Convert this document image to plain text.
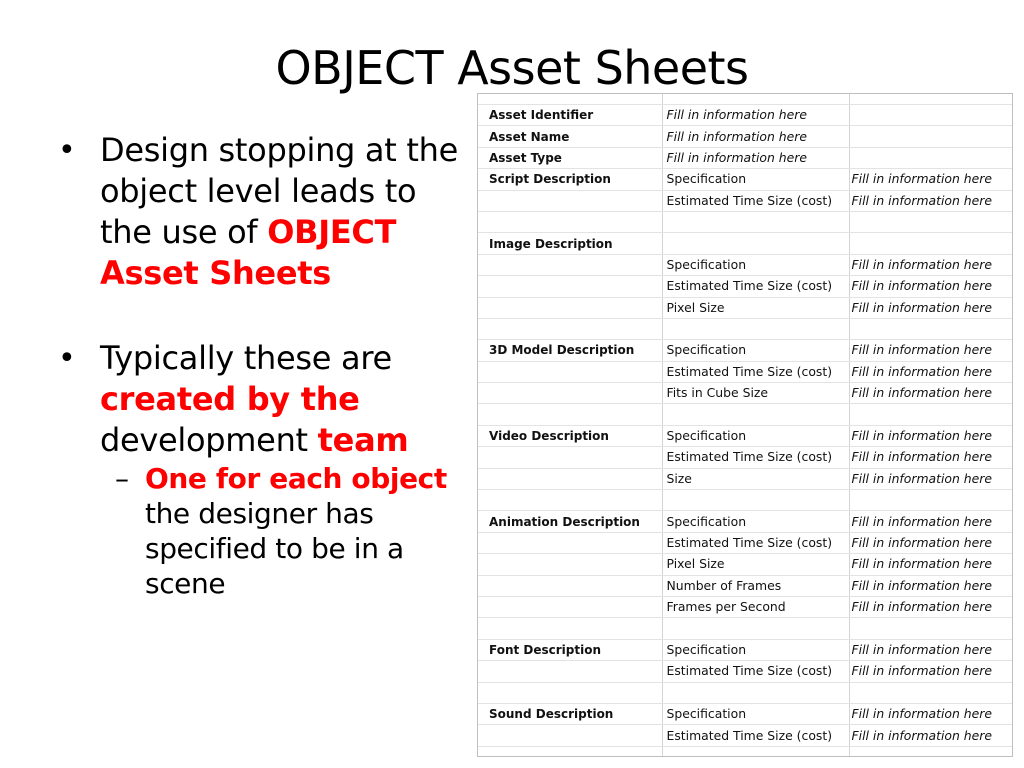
OBJECT Asset Sheets
• Design stopping at the object level leads to the use of OBJECT Asset Sheets
• Typically these are created by the development team
– One for each object the designer has specified to be in a scene

Asset Identifier	Fill in information here	
Asset Name	Fill in information here	
Asset Type	Fill in information here	
Script Description	Specification	Fill in information here
	Estimated Time Size (cost)	Fill in information here

Image Description		
	Specification	Fill in information here
	Estimated Time Size (cost)	Fill in information here
	Pixel Size	Fill in information here

3D Model Description	Specification	Fill in information here
	Estimated Time Size (cost)	Fill in information here
	Fits in Cube Size	Fill in information here

Video Description	Specification	Fill in information here
	Estimated Time Size (cost)	Fill in information here
	Size	Fill in information here

Animation Description	Specification	Fill in information here
	Estimated Time Size (cost)	Fill in information here
	Pixel Size	Fill in information here
	Number of Frames	Fill in information here
	Frames per Second	Fill in information here

Font Description	Specification	Fill in information here
	Estimated Time Size (cost)	Fill in information here

Sound Description	Specification	Fill in information here
	Estimated Time Size (cost)	Fill in information here
